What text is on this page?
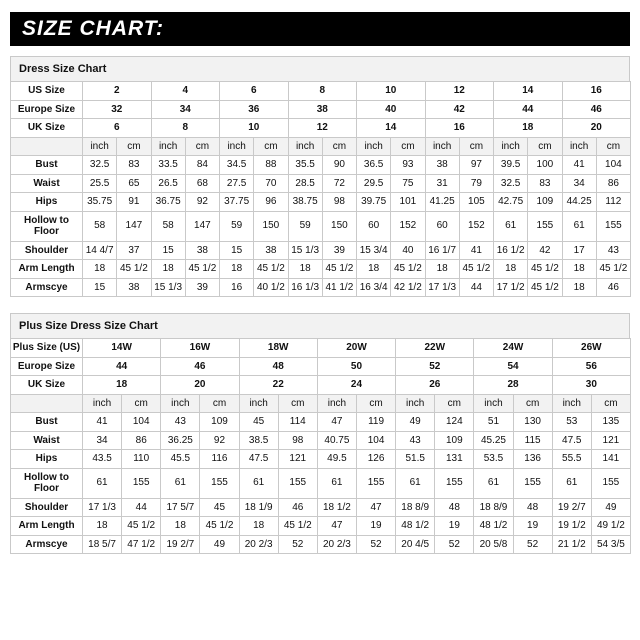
SIZE CHART:
Dress Size Chart
US Size	2		4		6		8		10		12		14		16	
Europe Size	32		34		36		38		40		42		44		46	
UK Size	6		8		10		12		14		16		18		20	
	inch	cm	inch	cm	inch	cm	inch	cm	inch	cm	inch	cm	inch	cm	inch	cm
Bust	32.5	83	33.5	84	34.5	88	35.5	90	36.5	93	38	97	39.5	100	41	104
Waist	25.5	65	26.5	68	27.5	70	28.5	72	29.5	75	31	79	32.5	83	34	86
Hips	35.75	91	36.75	92	37.75	96	38.75	98	39.75	101	41.25	105	42.75	109	44.25	112
Hollow to Floor	58	147	58	147	59	150	59	150	60	152	60	152	61	155	61	155
Shoulder	14 4/7	37	15	38	15	38	15 1/3	39	15 3/4	40	16 1/7	41	16 1/2	42	17	43
Arm Length	18	45 1/2	18	45 1/2	18	45 1/2	18	45 1/2	18	45 1/2	18	45 1/2	18	45 1/2	18	45 1/2
Armscye	15	38	15 1/3	39	16	40 1/2	16 1/3	41 1/2	16 3/4	42 1/2	17 1/3	44	17 1/2	45 1/2	18	46
Plus Size Dress Size Chart
Plus Size (US)	14W		16W		18W		20W		22W		24W		26W	
Europe Size	44		46		48		50		52		54		56	
UK Size	18		20		22		24		26		28		30	
	inch	cm	inch	cm	inch	cm	inch	cm	inch	cm	inch	cm	inch	cm
Bust	41	104	43	109	45	114	47	119	49	124	51	130	53	135
Waist	34	86	36.25	92	38.5	98	40.75	104	43	109	45.25	115	47.5	121
Hips	43.5	110	45.5	116	47.5	121	49.5	126	51.5	131	53.5	136	55.5	141
Hollow to Floor	61	155	61	155	61	155	61	155	61	155	61	155	61	155
Shoulder	17 1/3	44	17 5/7	45	18 1/9	46	18 1/2	47	18 8/9	48	18 8/9	48	19 2/7	49
Arm Length	18	45 1/2	18	45 1/2	18	45 1/2	47	19	48 1/2	19	48 1/2	19	19 1/2	49 1/2
Armscye	18 5/7	47 1/2	19 2/7	49	20 2/3	52	20 2/3	52	20 4/5	52	20 5/8	52	21 1/2	54 3/5
